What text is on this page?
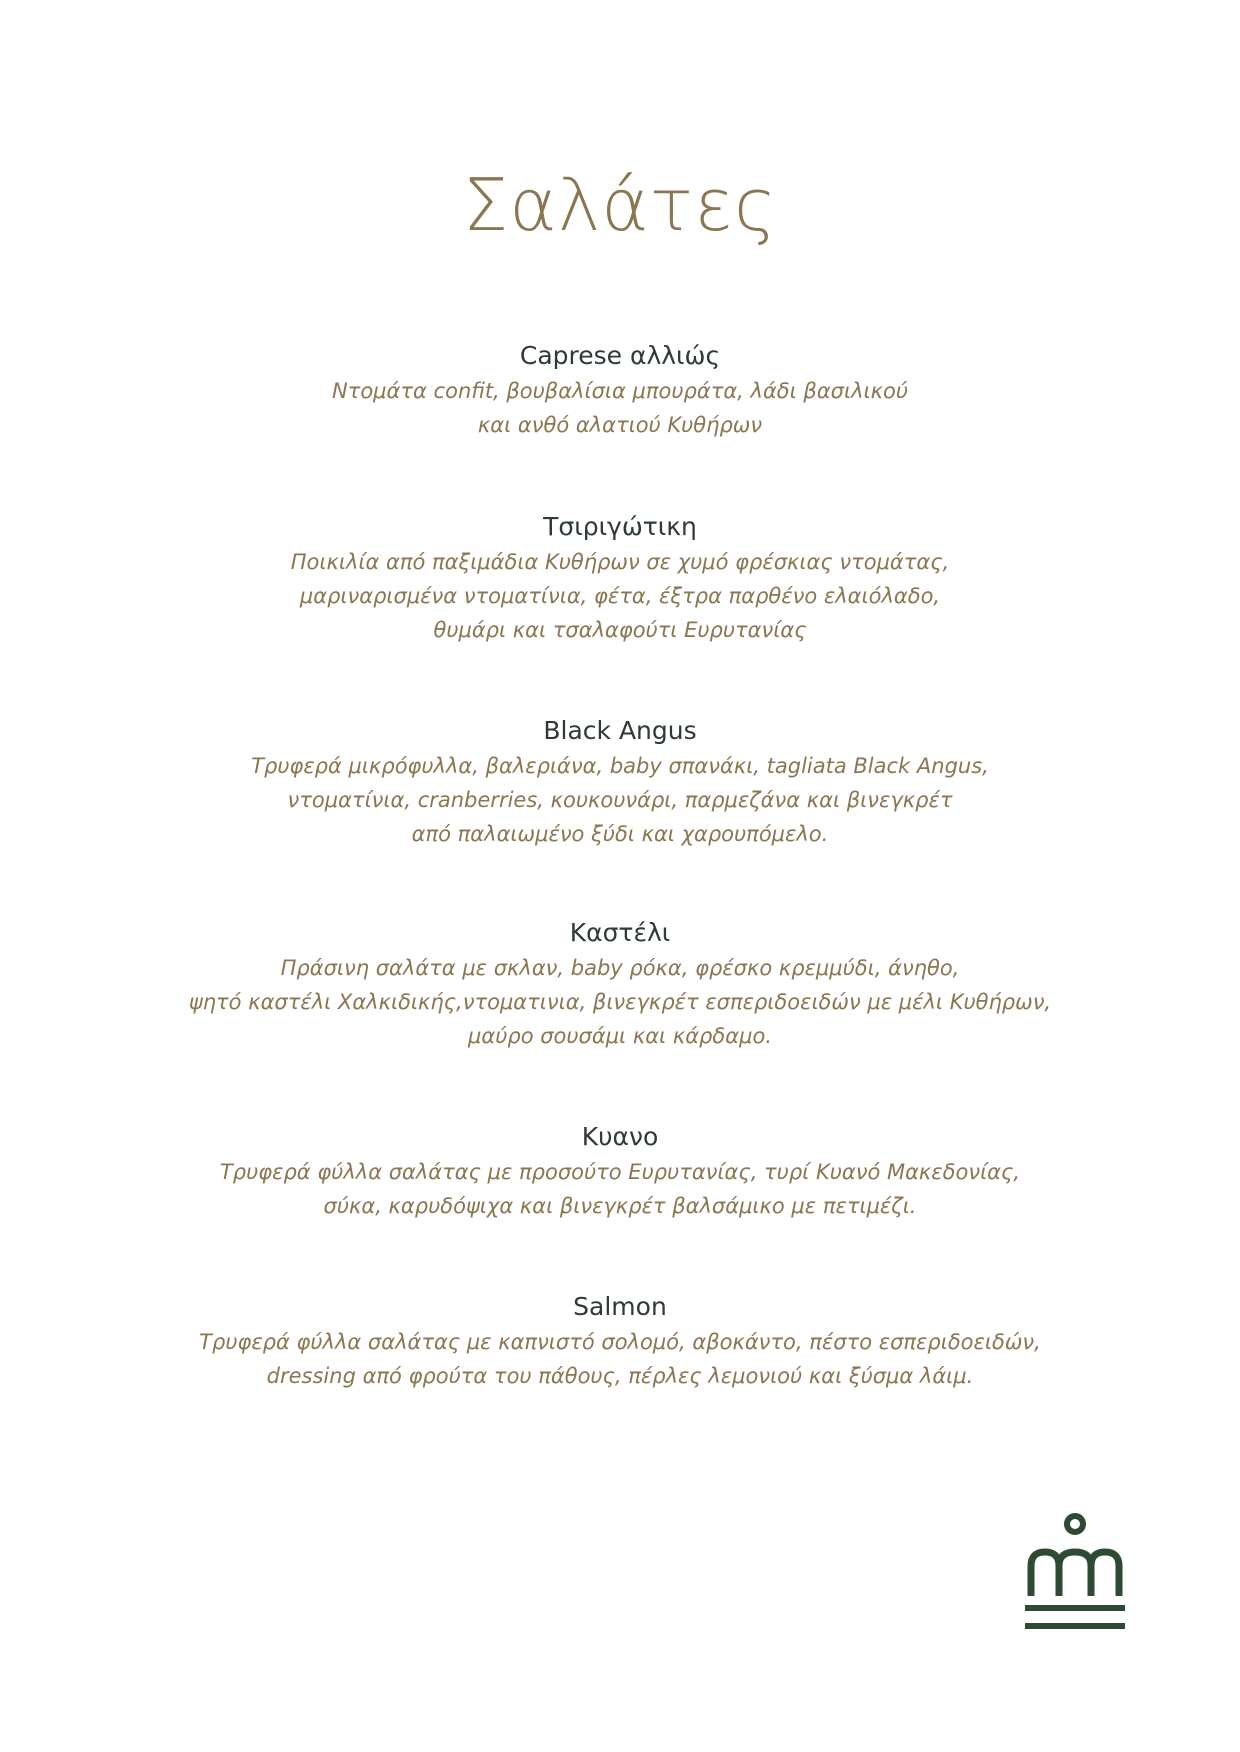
Σαλάτες
Caprese αλλιώς
Ντομάτα confit, βουβαλίσια μπουράτα, λάδι βασιλικού
και ανθό αλατιού Κυθήρων
Τσιριγώτικη
Ποικιλία από παξιμάδια Κυθήρων σε χυμό φρέσκιας ντομάτας,
μαριναρισμένα ντοματίνια, φέτα, έξτρα παρθένο ελαιόλαδο,
θυμάρι και τσαλαφούτι Ευρυτανίας
Black Angus
Τρυφερά μικρόφυλλα, βαλεριάνα, baby σπανάκι, tagliata Black Angus,
ντοματίνια, cranberries, κουκουνάρι, παρμεζάνα και βινεγκρέτ
από παλαιωμένο ξύδι και χαρουπόμελο.
Καστέλι
Πράσινη σαλάτα με σκλαν, baby ρόκα, φρέσκο κρεμμύδι, άνηθο,
ψητό καστέλι Χαλκιδικής,ντοματινια, βινεγκρέτ εσπεριδοειδών με μέλι Κυθήρων,
μαύρο σουσάμι και κάρδαμο.
Κυανο
Τρυφερά φύλλα σαλάτας με προσούτο Ευρυτανίας, τυρί Κυανό Μακεδονίας,
σύκα, καρυδόψιχα και βινεγκρέτ βαλσάμικο με πετιμέζι.
Salmon
Τρυφερά φύλλα σαλάτας με καπνιστό σολομό, αβοκάντο, πέστο εσπεριδοειδών,
dressing από φρούτα του πάθους, πέρλες λεμονιού και ξύσμα λάιμ.
